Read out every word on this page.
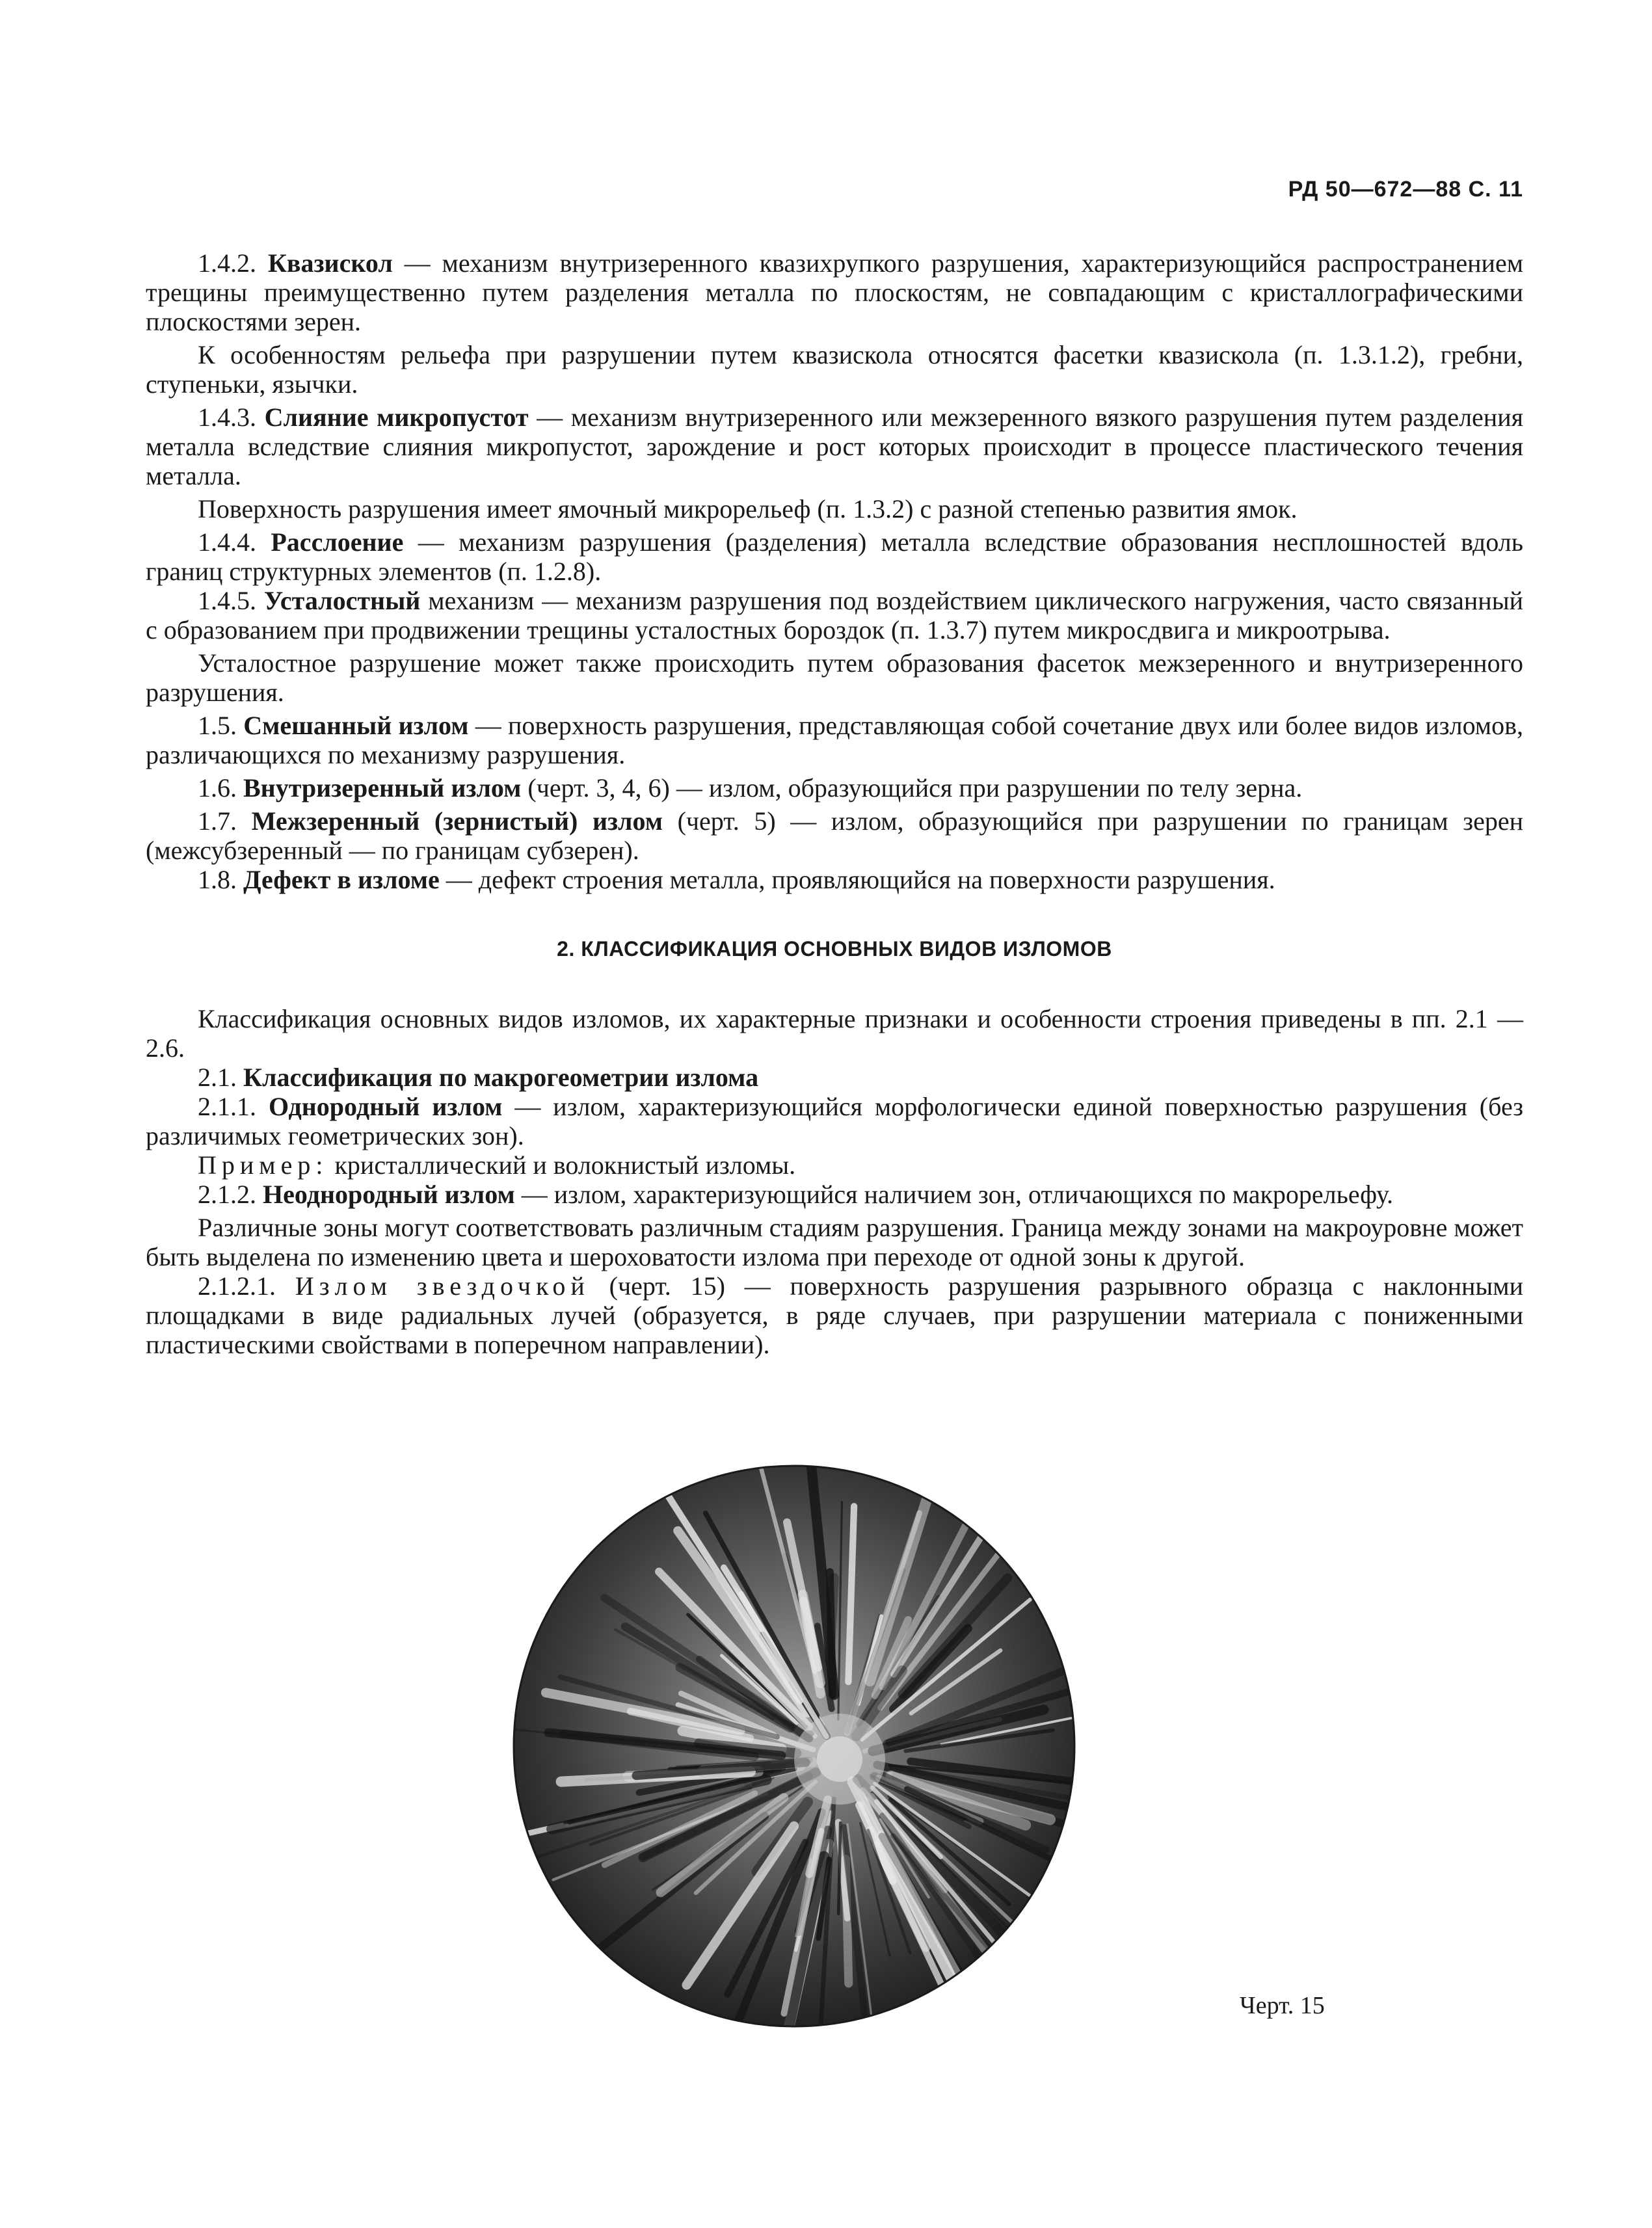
РД 50—672—88 С. 11

1.4.2. Квазискол — механизм внутризеренного квазихрупкого разрушения, характеризующийся распространением трещины преимущественно путем разделения металла по плоскостям, не совпадающим с кристаллографическими плоскостями зерен.

К особенностям рельефа при разрушении путем квазискола относятся фасетки квазискола (п. 1.3.1.2), гребни, ступеньки, язычки.

1.4.3. Слияние микропустот — механизм внутризеренного или межзеренного вязкого разрушения путем разделения металла вследствие слияния микропустот, зарождение и рост которых происходит в процессе пластического течения металла.

Поверхность разрушения имеет ямочный микрорельеф (п. 1.3.2) с разной степенью развития ямок.

1.4.4. Расслоение — механизм разрушения (разделения) металла вследствие образования несплошностей вдоль границ структурных элементов (п. 1.2.8).

1.4.5. Усталостный механизм — механизм разрушения под воздействием циклического нагружения, часто связанный с образованием при продвижении трещины усталостных бороздок (п. 1.3.7) путем микросдвига и микроотрыва.

Усталостное разрушение может также происходить путем образования фасеток межзеренного и внутризеренного разрушения.

1.5. Смешанный излом — поверхность разрушения, представляющая собой сочетание двух или более видов изломов, различающихся по механизму разрушения.

1.6. Внутризеренный излом (черт. 3, 4, 6) — излом, образующийся при разрушении по телу зерна.

1.7. Межзеренный (зернистый) излом (черт. 5) — излом, образующийся при разрушении по границам зерен (межсубзеренный — по границам субзерен).

1.8. Дефект в изломе — дефект строения металла, проявляющийся на поверхности разрушения.

2. КЛАССИФИКАЦИЯ ОСНОВНЫХ ВИДОВ ИЗЛОМОВ

Классификация основных видов изломов, их характерные признаки и особенности строения приведены в пп. 2.1 — 2.6.

2.1. Классификация по макрогеометрии излома

2.1.1. Однородный излом — излом, характеризующийся морфологически единой поверхностью разрушения (без различимых геометрических зон).

Пример: кристаллический и волокнистый изломы.

2.1.2. Неоднородный излом — излом, характеризующийся наличием зон, отличающихся по макрорельефу.

Различные зоны могут соответствовать различным стадиям разрушения. Граница между зонами на макроуровне может быть выделена по изменению цвета и шероховатости излома при переходе от одной зоны к другой.

2.1.2.1. Излом звездочкой (черт. 15) — поверхность разрушения разрывного образца с наклонными площадками в виде радиальных лучей (образуется, в ряде случаев, при разрушении материала с пониженными пластическими свойствами в поперечном направлении).

Черт. 15
